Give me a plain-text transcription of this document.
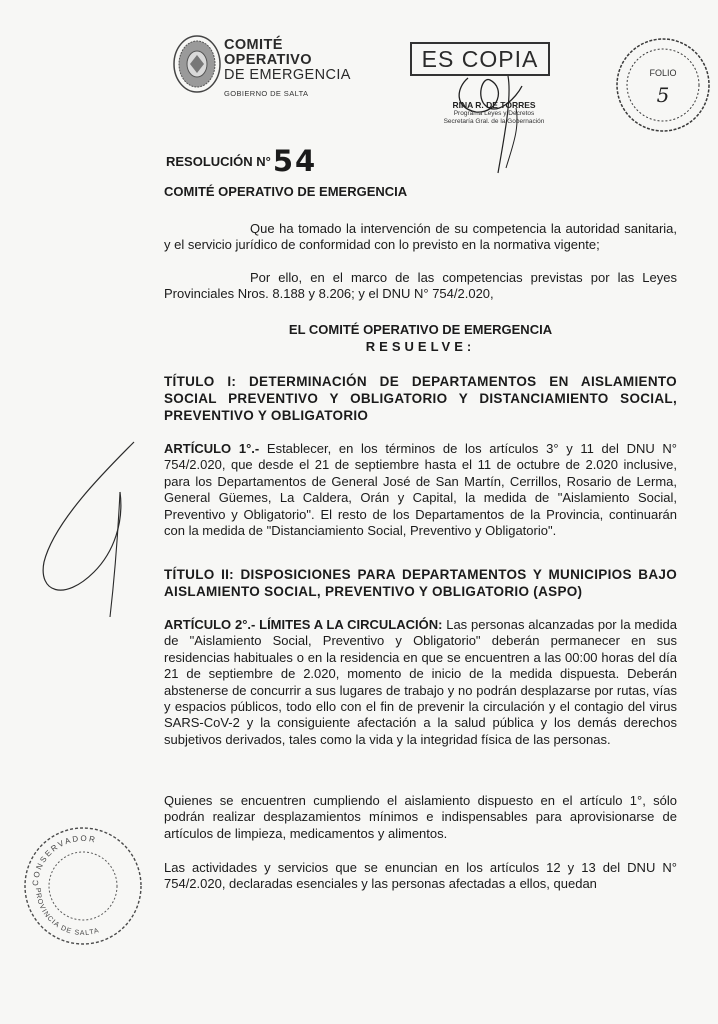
COMITÉ
OPERATIVO
DE EMERGENCIA
GOBIERNO DE SALTA
ES COPIA
RINA R. DE TORRES
Programa Leyes y Decretos
Secretaría Gral. de la Gobernación
FOLIO
5
RESOLUCIÓN N°54
COMITÉ OPERATIVO DE EMERGENCIA
Que ha tomado la intervención de su competencia la autoridad sanitaria, y el servicio jurídico de conformidad con lo previsto en la normativa vigente;
Por ello, en el marco de las competencias previstas por las Leyes Provinciales Nros. 8.188 y 8.206; y el DNU N° 754/2.020,
EL COMITÉ OPERATIVO DE EMERGENCIA
RESUELVE:
TÍTULO I: DETERMINACIÓN DE DEPARTAMENTOS EN AISLAMIENTO SOCIAL PREVENTIVO Y OBLIGATORIO Y DISTANCIAMIENTO SOCIAL, PREVENTIVO Y OBLIGATORIO
ARTÍCULO 1°.- Establecer, en los términos de los artículos 3° y 11 del DNU N° 754/2.020, que desde el 21 de septiembre hasta el 11 de octubre de 2.020 inclusive, para los Departamentos de General José de San Martín, Cerrillos, Rosario de Lerma, General Güemes, La Caldera, Orán y Capital, la medida de "Aislamiento Social, Preventivo y Obligatorio". El resto de los Departamentos de la Provincia, continuarán con la medida de "Distanciamiento Social, Preventivo y Obligatorio".
TÍTULO II: DISPOSICIONES PARA DEPARTAMENTOS Y MUNICIPIOS BAJO AISLAMIENTO SOCIAL, PREVENTIVO Y OBLIGATORIO (ASPO)
ARTÍCULO 2°.- LÍMITES A LA CIRCULACIÓN: Las personas alcanzadas por la medida de "Aislamiento Social, Preventivo y Obligatorio" deberán permanecer en sus residencias habituales o en la residencia en que se encuentren a las 00:00 horas del día 21 de septiembre de 2.020, momento de inicio de la medida dispuesta. Deberán abstenerse de concurrir a sus lugares de trabajo y no podrán desplazarse por rutas, vías y espacios públicos, todo ello con el fin de prevenir la circulación y el contagio del virus SARS-CoV-2 y la consiguiente afectación a la salud pública y los demás derechos subjetivos derivados, tales como la vida y la integridad física de las personas.
Quienes se encuentren cumpliendo el aislamiento dispuesto en el artículo 1°, sólo podrán realizar desplazamientos mínimos e indispensables para aprovisionarse de artículos de limpieza, medicamentos y alimentos.
Las actividades y servicios que se enuncian en los artículos 12 y 13 del DNU N° 754/2.020, declaradas esenciales y las personas afectadas a ellos, quedan
CONSERVADOR
PROVINCIA DE SALTA
